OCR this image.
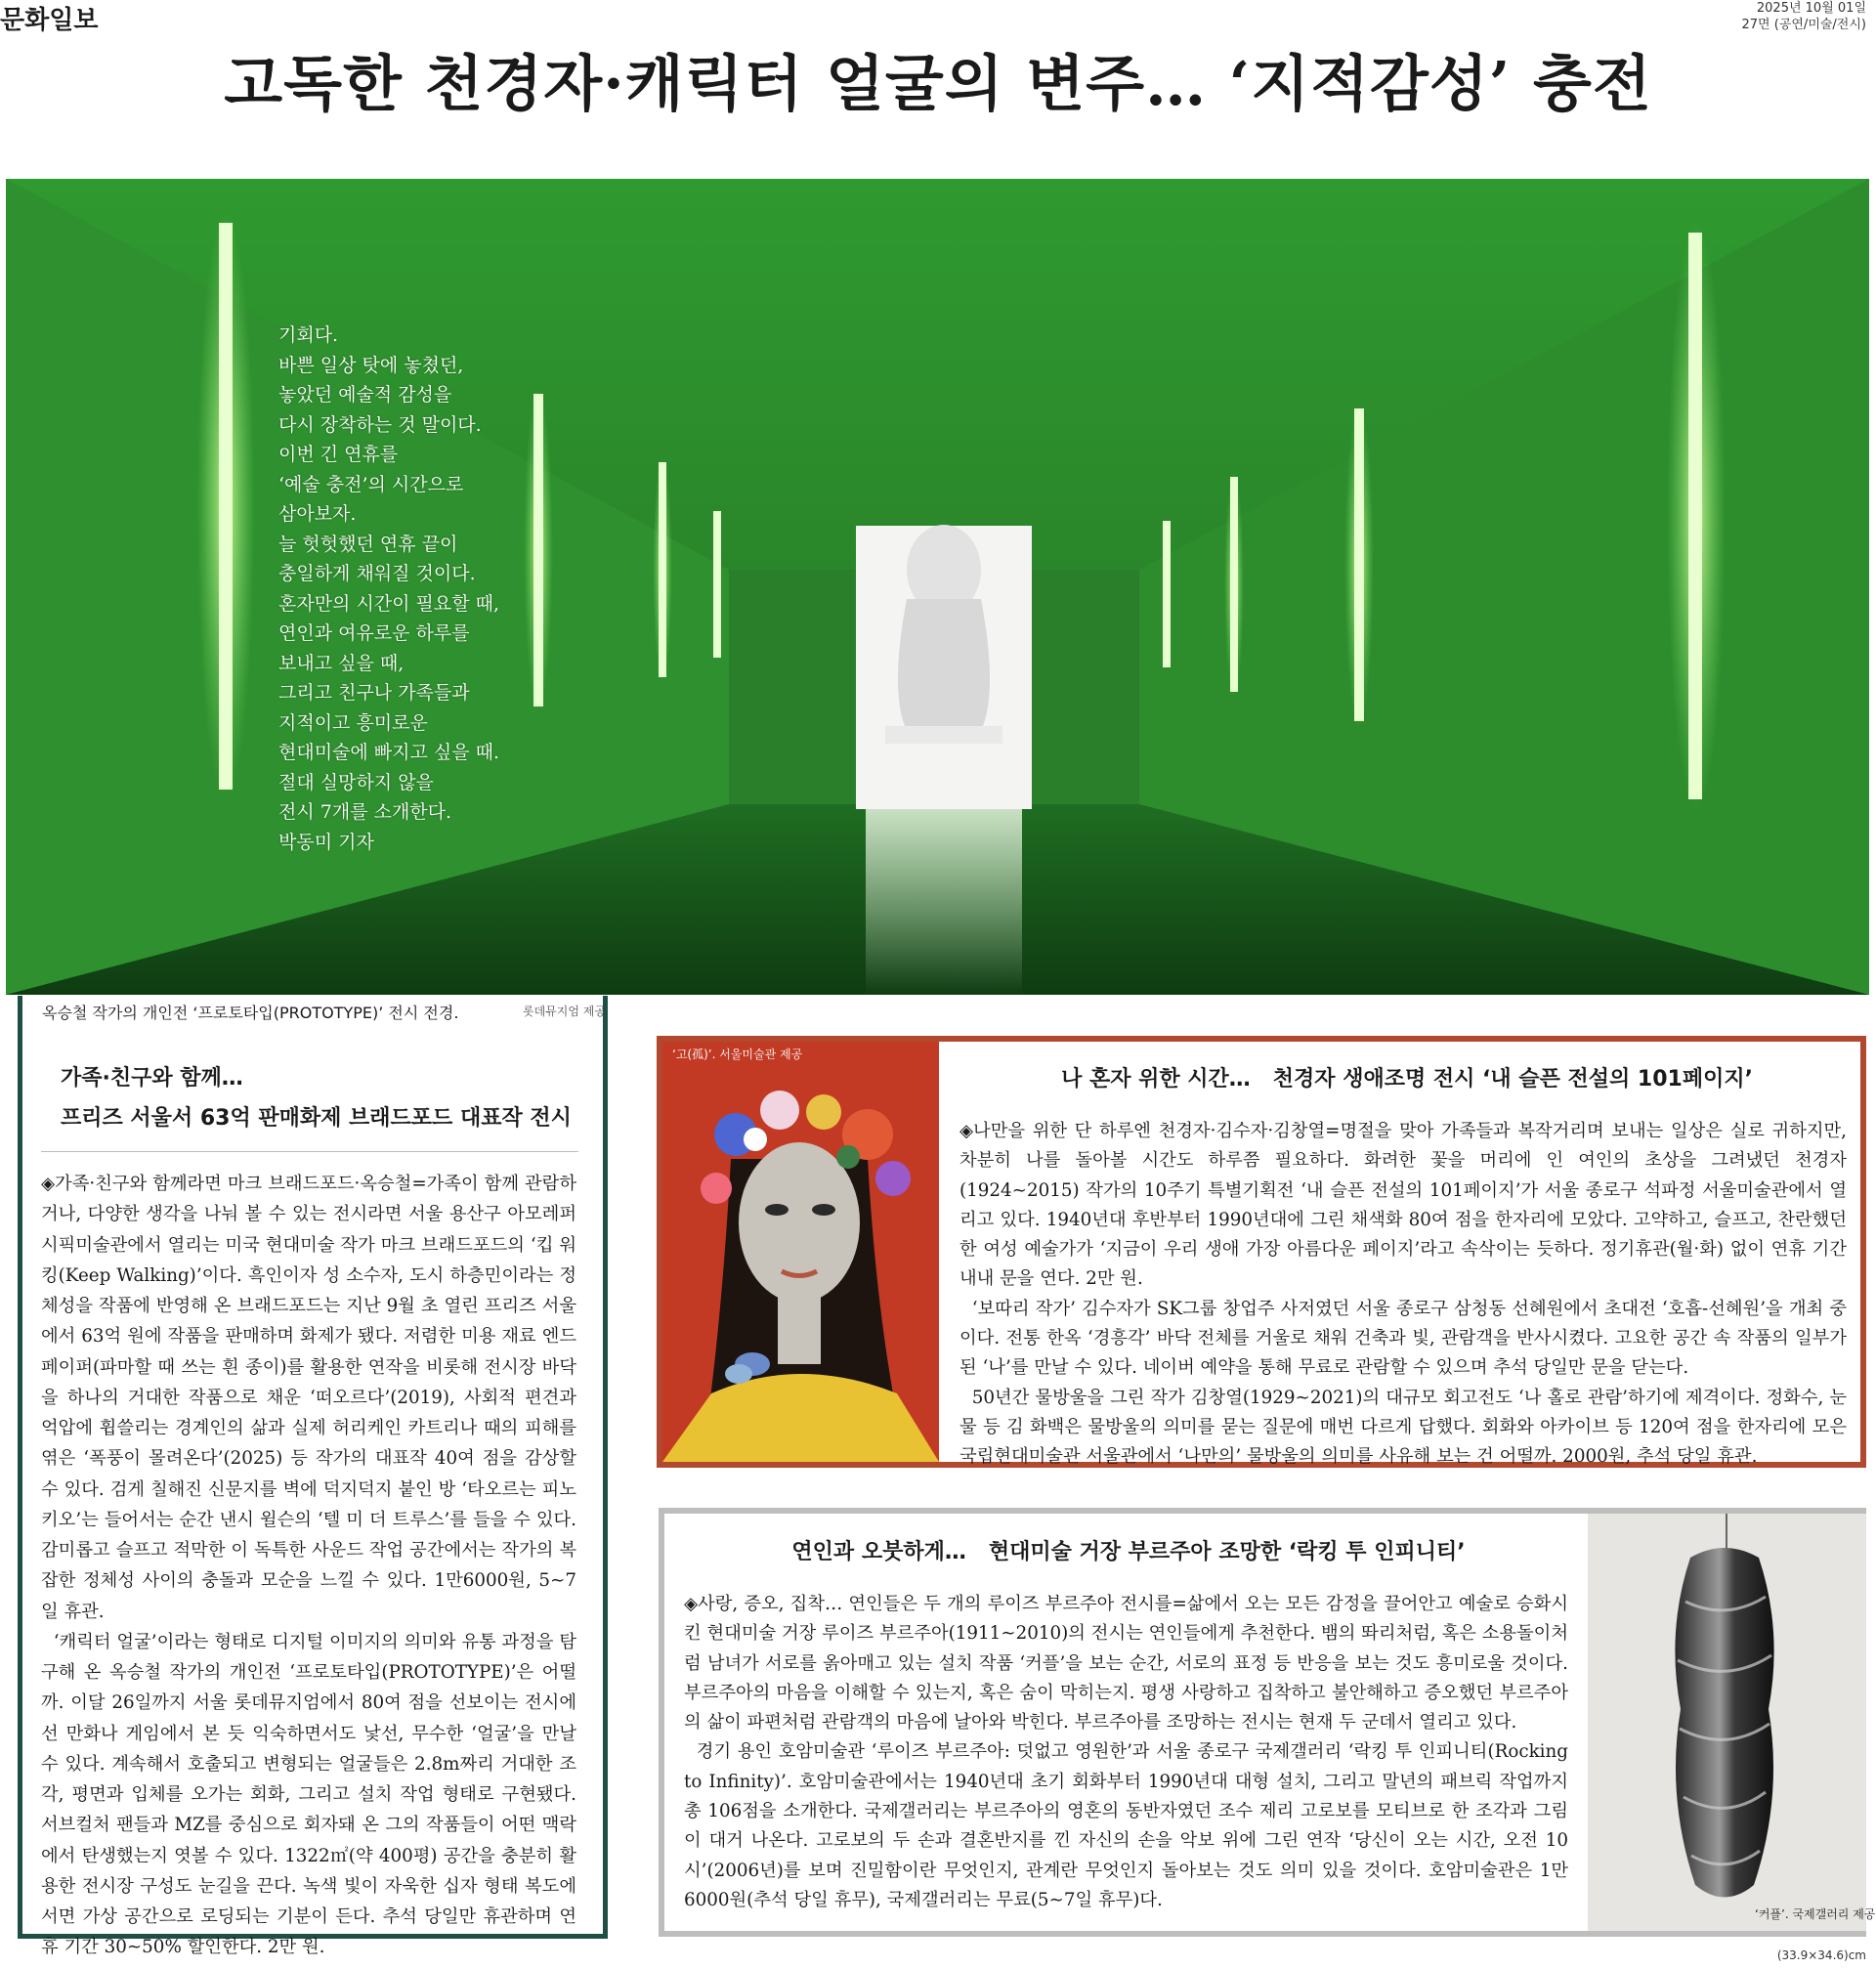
문화일보	2025년 10월 01일
27면 (공연/미술/전시)
고독한 천경자·캐릭터 얼굴의 변주… ‘지적감성’ 충전
기회다.
바쁜 일상 탓에 놓쳤던,
놓았던 예술적 감성을
다시 장착하는 것 말이다.
이번 긴 연휴를
‘예술 충전’의 시간으로
삼아보자.
늘 헛헛했던 연휴 끝이
충일하게 채워질 것이다.
혼자만의 시간이 필요할 때,
연인과 여유로운 하루를
보내고 싶을 때,
그리고 친구나 가족들과
지적이고 흥미로운
현대미술에 빠지고 싶을 때.
절대 실망하지 않을
전시 7개를 소개한다.
박동미 기자
옥승철 작가의 개인전 ‘프로토타입(PROTOTYPE)’ 전시 전경.	롯데뮤지엄 제공
가족·친구와 함께…
프리즈 서울서 63억 판매화제 브래드포드 대표작 전시

◈가족·친구와 함께라면 마크 브래드포드·옥승철=가족이 함께 관람하거나, 다양한 생각을 나눠 볼 수 있는 전시라면 서울 용산구 아모레퍼시픽미술관에서 열리는 미국 현대미술 작가 마크 브래드포드의 ‘킵 워킹(Keep Walking)’이다. 흑인이자 성 소수자, 도시 하층민이라는 정체성을 작품에 반영해 온 브래드포드는 지난 9월 초 열린 프리즈 서울에서 63억 원에 작품을 판매하며 화제가 됐다. 저렴한 미용 재료 엔드페이퍼(파마할 때 쓰는 흰 종이)를 활용한 연작을 비롯해 전시장 바닥을 하나의 거대한 작품으로 채운 ‘떠오르다’(2019), 사회적 편견과 억압에 휩쓸리는 경계인의 삶과 실제 허리케인 카트리나 때의 피해를 엮은 ‘폭풍이 몰려온다’(2025) 등 작가의 대표작 40여 점을 감상할 수 있다. 검게 칠해진 신문지를 벽에 덕지덕지 붙인 방 ‘타오르는 피노키오’는 들어서는 순간 낸시 윌슨의 ‘텔 미 더 트루스’를 들을 수 있다. 감미롭고 슬프고 적막한 이 독특한 사운드 작업 공간에서는 작가의 복잡한 정체성 사이의 충돌과 모순을 느낄 수 있다. 1만6000원, 5∼7일 휴관.

‘캐릭터 얼굴’이라는 형태로 디지털 이미지의 의미와 유통 과정을 탐구해 온 옥승철 작가의 개인전 ‘프로토타입(PROTOTYPE)’은 어떨까. 이달 26일까지 서울 롯데뮤지엄에서 80여 점을 선보이는 전시에선 만화나 게임에서 본 듯 익숙하면서도 낯선, 무수한 ‘얼굴’을 만날 수 있다. 계속해서 호출되고 변형되는 얼굴들은 2.8m짜리 거대한 조각, 평면과 입체를 오가는 회화, 그리고 설치 작업 형태로 구현됐다. 서브컬처 팬들과 MZ를 중심으로 회자돼 온 그의 작품들이 어떤 맥락에서 탄생했는지 엿볼 수 있다. 1322㎡(약 400평) 공간을 충분히 활용한 전시장 구성도 눈길을 끈다. 녹색 빛이 자욱한 십자 형태 복도에 서면 가상 공간으로 로딩되는 기분이 든다. 추석 당일만 휴관하며 연휴 기간 30∼50% 할인한다. 2만 원.

‘고(孤)’. 서울미술관 제공
나 혼자 위한 시간… 천경자 생애조명 전시 ‘내 슬픈 전설의 101페이지’

◈나만을 위한 단 하루엔 천경자·김수자·김창열=명절을 맞아 가족들과 복작거리며 보내는 일상은 실로 귀하지만, 차분히 나를 돌아볼 시간도 하루쯤 필요하다. 화려한 꽃을 머리에 인 여인의 초상을 그려냈던 천경자(1924∼2015) 작가의 10주기 특별기획전 ‘내 슬픈 전설의 101페이지’가 서울 종로구 석파정 서울미술관에서 열리고 있다. 1940년대 후반부터 1990년대에 그린 채색화 80여 점을 한자리에 모았다. 고약하고, 슬프고, 찬란했던 한 여성 예술가가 ‘지금이 우리 생애 가장 아름다운 페이지’라고 속삭이는 듯하다. 정기휴관(월·화) 없이 연휴 기간 내내 문을 연다. 2만 원.

‘보따리 작가’ 김수자가 SK그룹 창업주 사저였던 서울 종로구 삼청동 선혜원에서 초대전 ‘호흡-선혜원’을 개최 중이다. 전통 한옥 ‘경흥각’ 바닥 전체를 거울로 채워 건축과 빛, 관람객을 반사시켰다. 고요한 공간 속 작품의 일부가 된 ‘나’를 만날 수 있다. 네이버 예약을 통해 무료로 관람할 수 있으며 추석 당일만 문을 닫는다.

50년간 물방울을 그린 작가 김창열(1929∼2021)의 대규모 회고전도 ‘나 홀로 관람’하기에 제격이다. 정화수, 눈물 등 김 화백은 물방울의 의미를 묻는 질문에 매번 다르게 답했다. 회화와 아카이브 등 120여 점을 한자리에 모은 국립현대미술관 서울관에서 ‘나만의’ 물방울의 의미를 사유해 보는 건 어떨까. 2000원, 추석 당일 휴관.

연인과 오붓하게… 현대미술 거장 부르주아 조망한 ‘락킹 투 인피니티’

◈사랑, 증오, 집착… 연인들은 두 개의 루이즈 부르주아 전시를=삶에서 오는 모든 감정을 끌어안고 예술로 승화시킨 현대미술 거장 루이즈 부르주아(1911∼2010)의 전시는 연인들에게 추천한다. 뱀의 똬리처럼, 혹은 소용돌이처럼 남녀가 서로를 옭아매고 있는 설치 작품 ‘커플’을 보는 순간, 서로의 표정 등 반응을 보는 것도 흥미로울 것이다. 부르주아의 마음을 이해할 수 있는지, 혹은 숨이 막히는지. 평생 사랑하고 집착하고 불안해하고 증오했던 부르주아의 삶이 파편처럼 관람객의 마음에 날아와 박힌다. 부르주아를 조망하는 전시는 현재 두 군데서 열리고 있다.

경기 용인 호암미술관 ‘루이즈 부르주아: 덧없고 영원한’과 서울 종로구 국제갤러리 ‘락킹 투 인피니티(Rocking to Infinity)’. 호암미술관에서는 1940년대 초기 회화부터 1990년대 대형 설치, 그리고 말년의 패브릭 작업까지 총 106점을 소개한다. 국제갤러리는 부르주아의 영혼의 동반자였던 조수 제리 고로보를 모티브로 한 조각과 그림이 대거 나온다. 고로보의 두 손과 결혼반지를 낀 자신의 손을 악보 위에 그린 연작 ‘당신이 오는 시간, 오전 10시’(2006년)를 보며 진밀함이란 무엇인지, 관계란 무엇인지 돌아보는 것도 의미 있을 것이다. 호암미술관은 1만6000원(추석 당일 휴무), 국제갤러리는 무료(5∼7일 휴무)다.

‘커플’. 국제갤러리 제공
(33.9×34.6)cm
